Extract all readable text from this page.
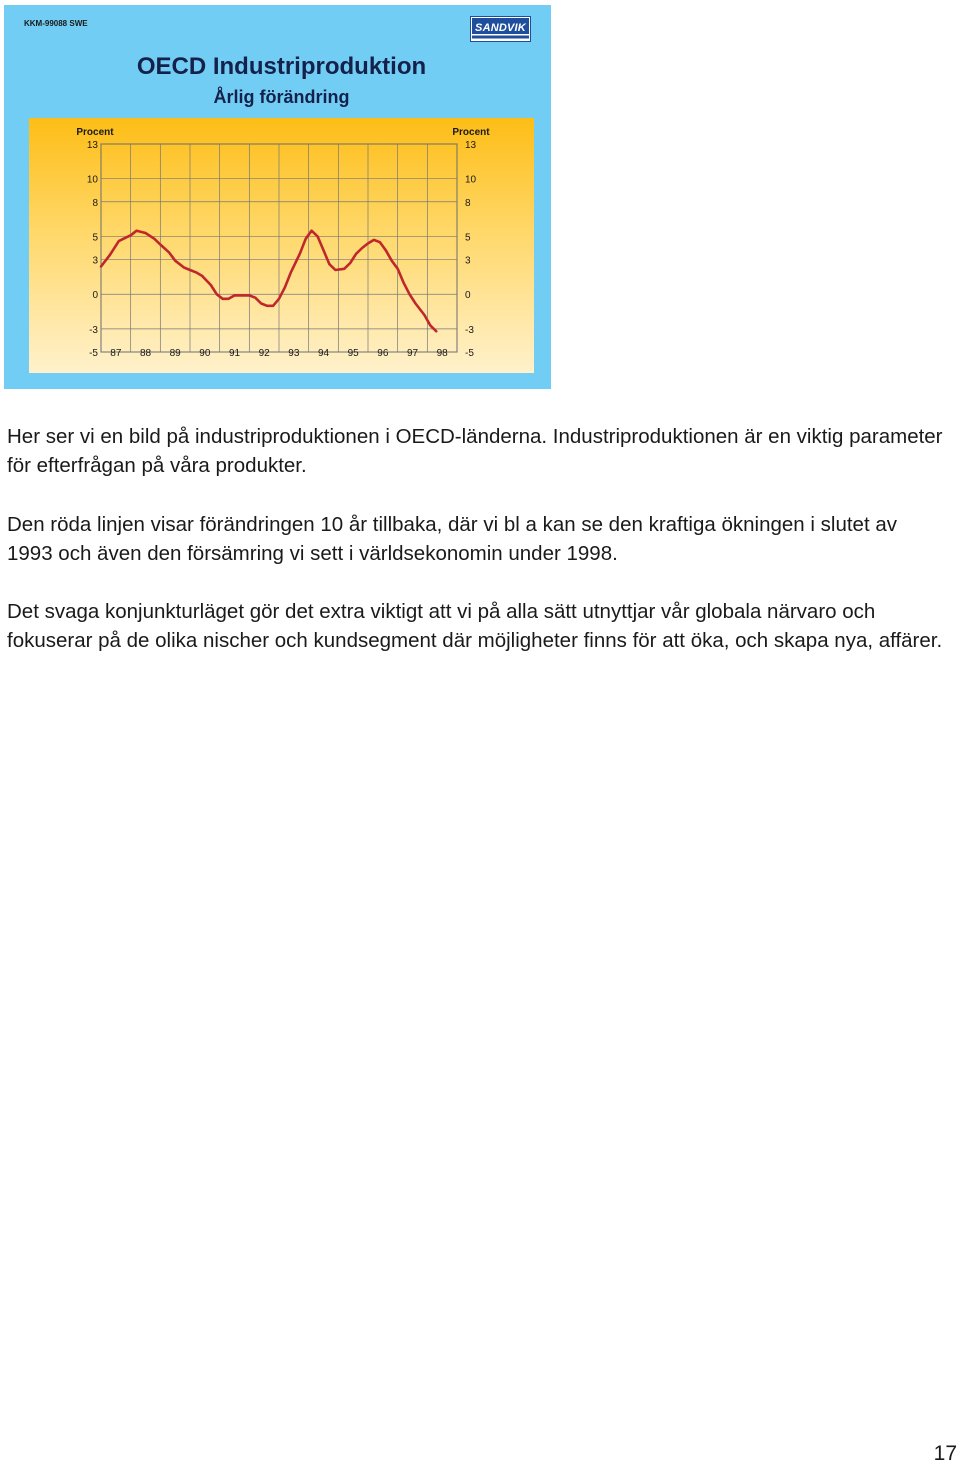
KKM-99088 SWE	SANDVIK
OECD Industriproduktion
Årlig förändring
Procent	Procent
13	13
10	10
8	8
5	5
3	3
0	0
-3	-3
-5	-5
87 88 89 90 91 92 93 94 95 96 97 98

Her ser vi en bild på industriproduktionen i OECD-länderna. Industriproduktionen är en viktig parameter för efterfrågan på våra produkter.

Den röda linjen visar förändringen 10 år tillbaka, där vi bl a kan se den kraftiga ökningen i slutet av 1993 och även den försämring vi sett i världsekonomin under 1998.

Det svaga konjunkturläget gör det extra viktigt att vi på alla sätt utnyttjar vår globala närvaro och fokuserar på de olika nischer och kundsegment där möjligheter finns för att öka, och skapa nya, affärer.

17
